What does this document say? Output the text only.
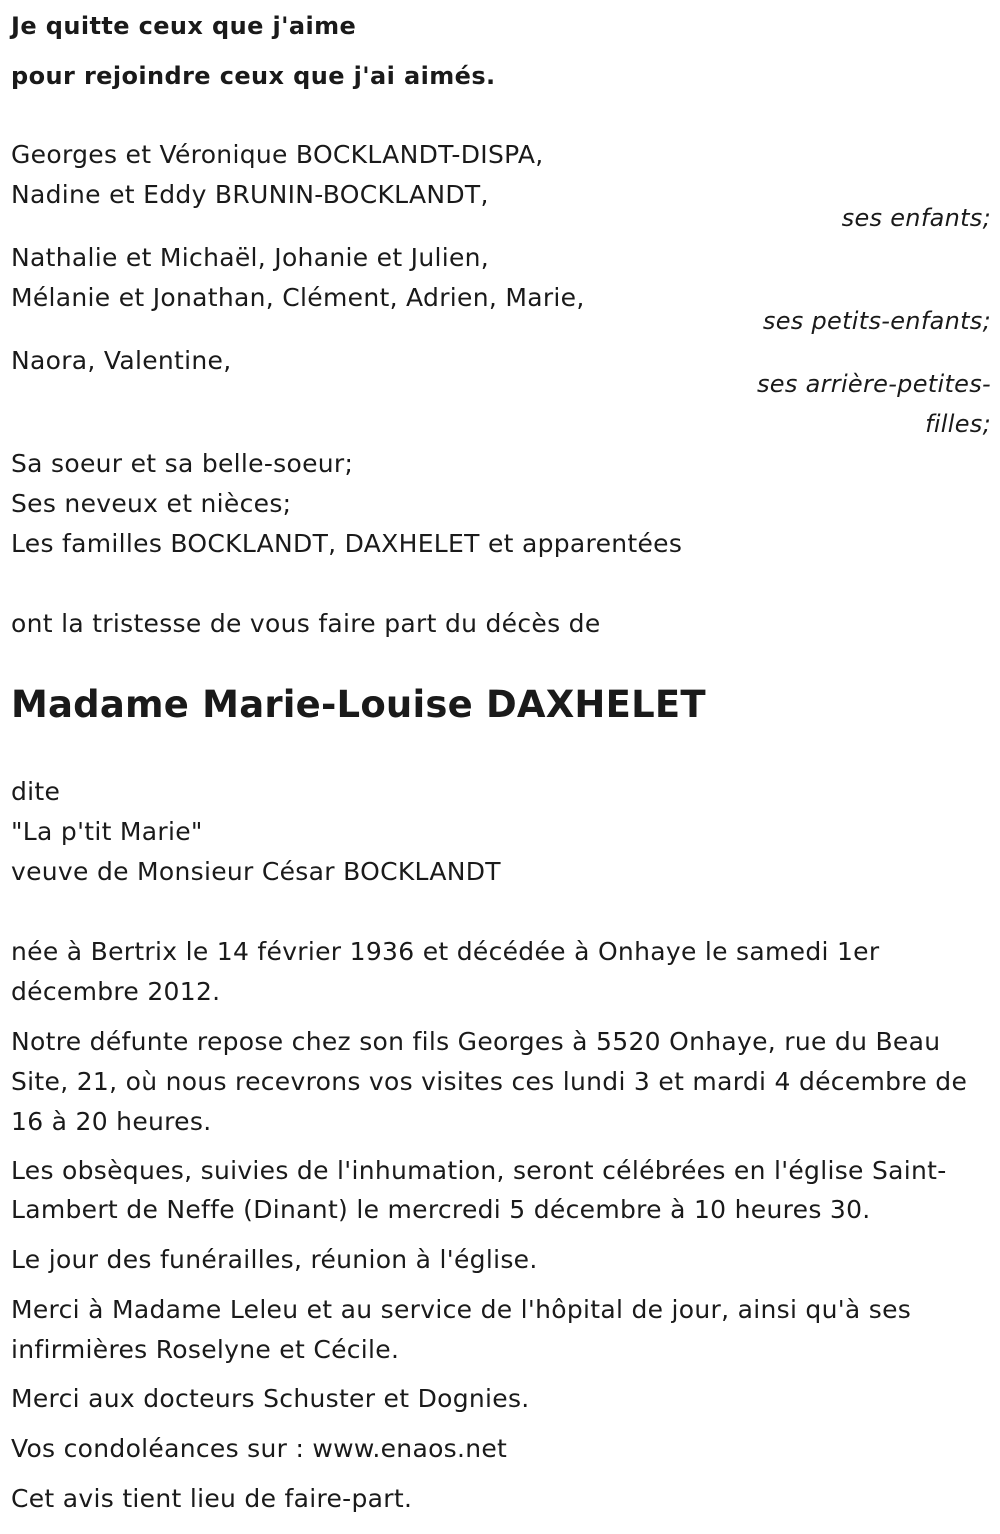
Je quitte ceux que j'aime
pour rejoindre ceux que j'ai aimés.
Georges et Véronique BOCKLANDT-DISPA,
Nadine et Eddy BRUNIN-BOCKLANDT,
ses enfants;
Nathalie et Michaël, Johanie et Julien,
Mélanie et Jonathan, Clément, Adrien, Marie,
ses petits-enfants;
Naora, Valentine,
ses arrière-petites-
filles;
Sa soeur et sa belle-soeur;
Ses neveux et nièces;
Les familles BOCKLANDT, DAXHELET et apparentées
ont la tristesse de vous faire part du décès de
Madame Marie-Louise DAXHELET
dite
"La p'tit Marie"
veuve de Monsieur César BOCKLANDT
née à Bertrix le 14 février 1936 et décédée à Onhaye le samedi 1er
décembre 2012.
Notre défunte repose chez son fils Georges à 5520 Onhaye, rue du Beau
Site, 21, où nous recevrons vos visites ces lundi 3 et mardi 4 décembre de
16 à 20 heures.
Les obsèques, suivies de l'inhumation, seront célébrées en l'église Saint-
Lambert de Neffe (Dinant) le mercredi 5 décembre à 10 heures 30.
Le jour des funérailles, réunion à l'église.
Merci à Madame Leleu et au service de l'hôpital de jour, ainsi qu'à ses
infirmières Roselyne et Cécile.
Merci aux docteurs Schuster et Dognies.
Vos condoléances sur : www.enaos.net
Cet avis tient lieu de faire-part.
